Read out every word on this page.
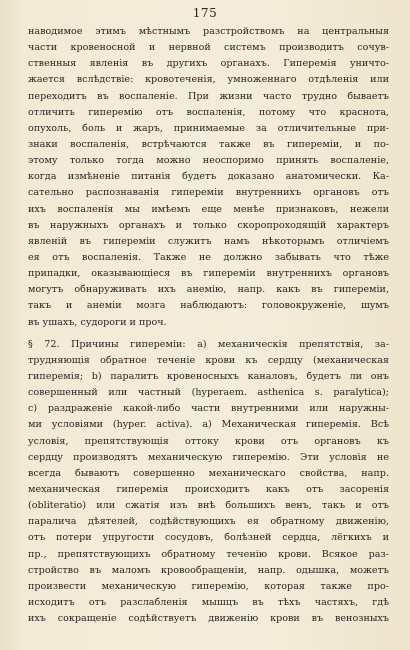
175
наводимое этимъ мѣстнымъ разстройствомъ на центральныя
части кровеносной и нервной системъ производитъ сочув-
ственныя явленія въ другихъ органахъ. Гиперемія уничто-
жается вслѣдствіе: кровотеченія, умноженнаго отдѣленія или
переходитъ въ воспаленіе. При жизни часто трудно бываетъ
отличить гиперемію отъ воспаленія, потому что краснота,
опухоль, боль и жаръ, принимаемые за отличительные при-
знаки воспаленія, встрѣчаются также въ гипереміи, и по-
этому только тогда можно неоспоримо принять воспаленіе,
когда измѣненіе питанія будетъ доказано анатомически. Ка-
сательно распознаванія гипереміи внутреннихъ органовъ отъ
ихъ воспаленія мы имѣемъ еще менѣе признаковъ, нежели
въ наружныхъ органахъ и только скоропроходящій характеръ
явленій въ гипереміи служитъ намъ нѣкоторымъ отличіемъ
ея отъ воспаленія. Также не должно забывать что тѣже
припадки, оказывающіеся въ гипереміи внутреннихъ органовъ
могутъ обнаруживать ихъ анемію, напр. какъ въ гипереміи,
такъ и анеміи мозга наблюдаютъ: головокруженіе, шумъ
въ ушахъ, судороги и проч.
§ 72. Причины гипереміи: а) механическія препятствія, за-
трудняющія обратное теченіе крови къ сердцу (механическая
гиперемія; b) паралитъ кровеносныхъ каналовъ, будетъ ли онъ
совершенный или частный (hyperaem. asthenica s. paralytica);
c) раздраженіе какой-либо части внутренними или наружны-
ми условіями (hyper. activa). а) Механическая гиперемія. Всѣ
условія, препятствующія оттоку крови отъ органовъ къ
сердцу производятъ механическую гиперемію. Эти условія не
всегда бываютъ совершенно механическаго свойства, напр.
механическая гиперемія происходитъ какъ отъ засоренія
(obliteratio) или сжатія изъ внѣ большихъ венъ, такъ и отъ
паралича дѣятелей, содѣйствующихъ ея обратному движенію,
отъ потери упругости сосудовъ, болѣзней сердца, лёгкихъ и
пр., препятствующихъ обратному теченію крови. Всякое раз-
стройство въ маломъ кровообращеніи, напр. одышка, можетъ
произвести механическую гиперемію, которая также про-
исходитъ отъ разслабленія мышцъ въ тѣхъ частяхъ, гдѣ
ихъ сокращеніе содѣйствуетъ движенію крови въ венозныхъ
